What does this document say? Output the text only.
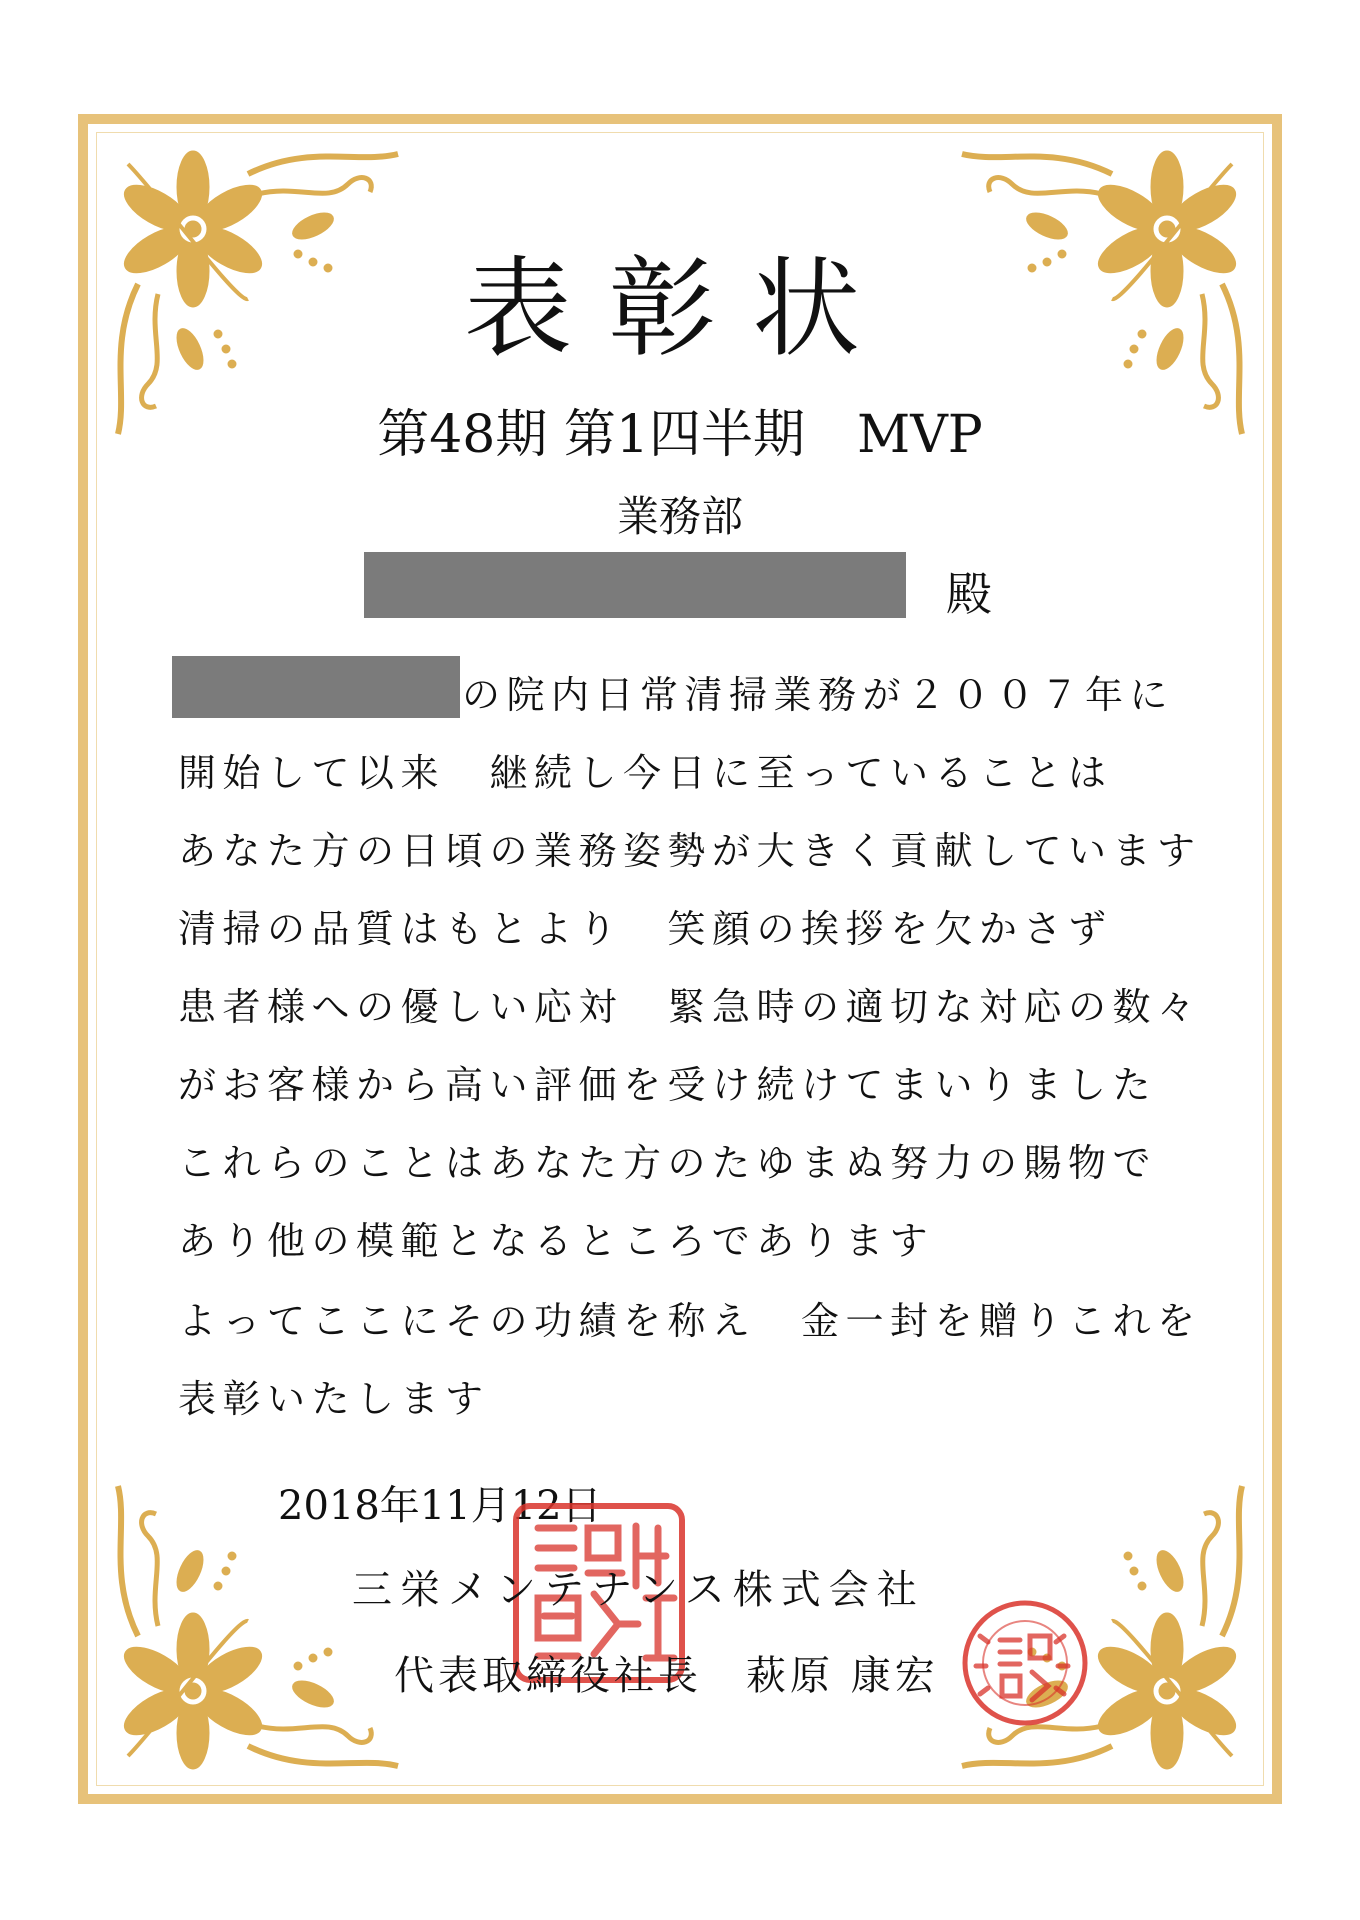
表彰状
第48期 第1四半期　MVP
業務部
殿
の院内日常清掃業務が２００７年に
開始して以来　継続し今日に至っていることは
あなた方の日頃の業務姿勢が大きく貢献しています
清掃の品質はもとより　笑顔の挨拶を欠かさず
患者様への優しい応対　緊急時の適切な対応の数々
がお客様から高い評価を受け続けてまいりました
これらのことはあなた方のたゆまぬ努力の賜物で
あり他の模範となるところであります
よってここにその功績を称え　金一封を贈りこれを
表彰いたします
2018年11月12日
三栄メンテナンス株式会社
代表取締役社長　萩原 康宏
